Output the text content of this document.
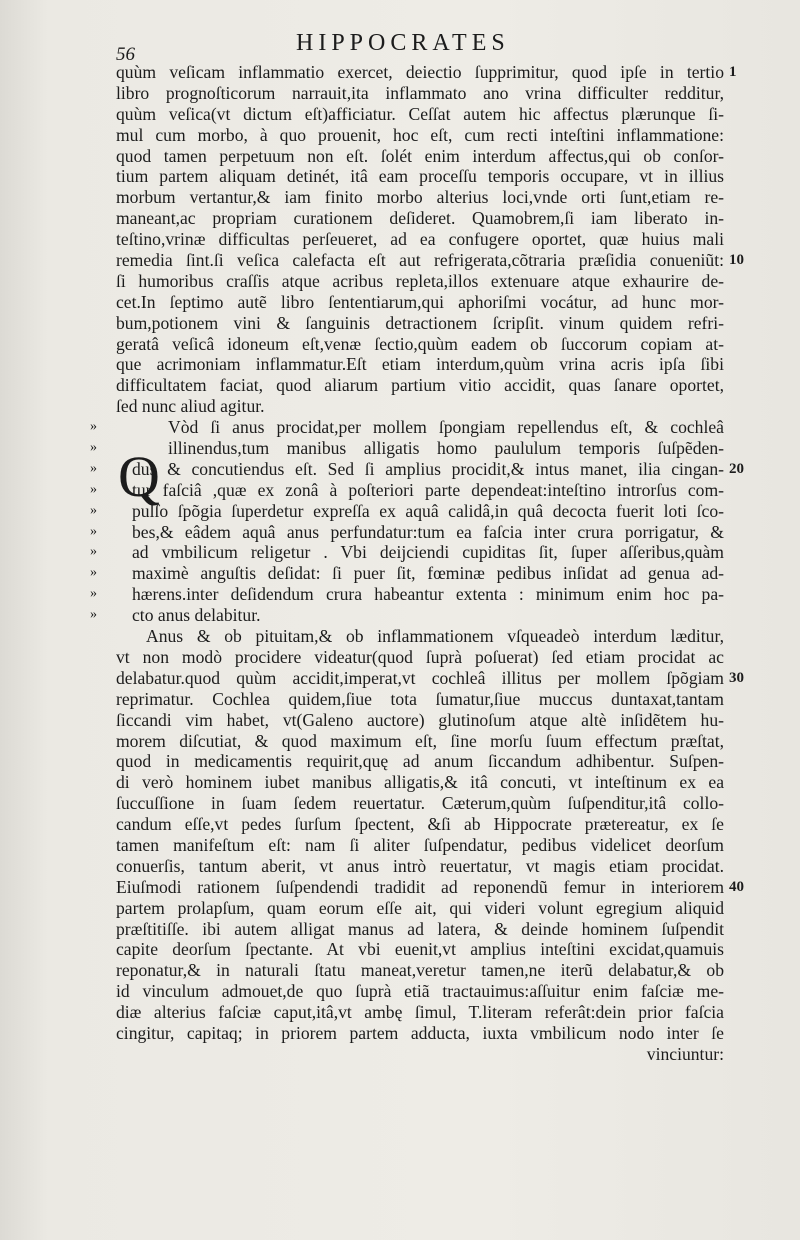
56	HIPPOCRATES
Q
quùm veſicam inflammatio exercet, deiectio ſupprimitur, quod ipſe in tertio 1
libro prognoſticorum narrauit,ita inflammato ano vrina difficulter redditur,
quùm veſica(vt dictum eſt)afficiatur. Ceſſat autem hic affectus plærunque ſi-
mul cum morbo, à quo prouenit, hoc eſt, cum recti inteſtini inflammatione:
quod tamen perpetuum non eſt. ſolét enim interdum affectus,qui ob conſor-
tium partem aliquam detinét, itâ eam proceſſu temporis occupare, vt in illius
morbum vertantur,& iam finito morbo alterius loci,vnde orti ſunt,etiam re-
maneant,ac propriam curationem deſideret. Quamobrem,ſi iam liberato in-
teſtino,vrinæ difficultas perſeueret, ad ea confugere oportet, quæ huius mali
remedia ſint.ſi veſica calefacta eſt aut refrigerata,cõtraria præſidia conueniũt: 10
ſi humoribus craſſis atque acribus repleta,illos extenuare atque exhaurire de-
cet.In ſeptimo autẽ libro ſententiarum,qui aphoriſmi vocátur, ad hunc mor-
bum,potionem vini & ſanguinis detractionem ſcripſit. vinum quidem refri-
geratâ veſicâ idoneum eſt,venæ ſectio,quùm eadem ob ſuccorum copiam at-
que acrimoniam inflammatur.Eſt etiam interdum,quùm vrina acris ipſa ſibi
difficultatem faciat, quod aliarum partium vitio accidit, quas ſanare oportet,
ſed nunc aliud agitur.
»	Vòd ſi anus procidat,per mollem ſpongiam repellendus eſt, & cochleâ
»	illinendus,tum manibus alligatis homo paululum temporis ſuſpẽden-
» dus & concutiendus eſt. Sed ſi amplius procidit,& intus manet, ilia cingan- 20
» tur faſciâ ,quæ ex zonâ à poſteriori parte dependeat:inteſtino introrſus com-
» pulſo ſpõgia ſuperdetur expreſſa ex aquâ calidâ,in quâ decocta fuerit loti ſco-
» bes,& eâdem aquâ anus perfundatur:tum ea faſcia inter crura porrigatur, &
» ad vmbilicum religetur . Vbi deijciendi cupiditas ſit, ſuper aſſeribus,quàm
» maximè anguſtis deſidat: ſi puer ſit, fœminæ pedibus inſidat ad genua ad-
» hærens.inter deſidendum crura habeantur extenta : minimum enim hoc pa-
» cto anus delabitur.
Anus & ob pituitam,& ob inflammationem vſqueadeò interdum læditur,
vt non modò procidere videatur(quod ſuprà poſuerat) ſed etiam procidat ac
delabatur.quod quùm accidit,imperat,vt cochleâ illitus per mollem ſpõgiam 30
reprimatur. Cochlea quidem,ſiue tota ſumatur,ſiue muccus duntaxat,tantam
ſiccandi vim habet, vt(Galeno auctore) glutinoſum atque altè inſidẽtem hu-
morem diſcutiat, & quod maximum eſt, ſine morſu ſuum effectum præſtat,
quod in medicamentis requirit,quę ad anum ſiccandum adhibentur. Suſpen-
di verò hominem iubet manibus alligatis,& itâ concuti, vt inteſtinum ex ea
ſuccuſſione in ſuam ſedem reuertatur. Cæterum,quùm ſuſpenditur,itâ collo-
candum eſſe,vt pedes ſurſum ſpectent, &ſi ab Hippocrate prætereatur, ex ſe
tamen manifeſtum eſt: nam ſi aliter ſuſpendatur, pedibus videlicet deorſum
conuerſis, tantum aberit, vt anus intrò reuertatur, vt magis etiam procidat.
Eiuſmodi rationem ſuſpendendi tradidit ad reponendũ femur in interiorem 40
partem prolapſum, quam eorum eſſe ait, qui videri volunt egregium aliquid
præſtitiſſe. ibi autem alligat manus ad latera, & deinde hominem ſuſpendit
capite deorſum ſpectante. At vbi euenit,vt amplius inteſtini excidat,quamuis
reponatur,& in naturali ſtatu maneat,veretur tamen,ne iterũ delabatur,& ob
id vinculum admouet,de quo ſuprà etiã tractauimus:aſſuitur enim faſciæ me-
diæ alterius faſciæ caput,itâ,vt ambę ſimul, T.literam referât:dein prior faſcia
cingitur, capitaq; in priorem partem adducta, iuxta vmbilicum nodo inter ſe
vinciuntur:
